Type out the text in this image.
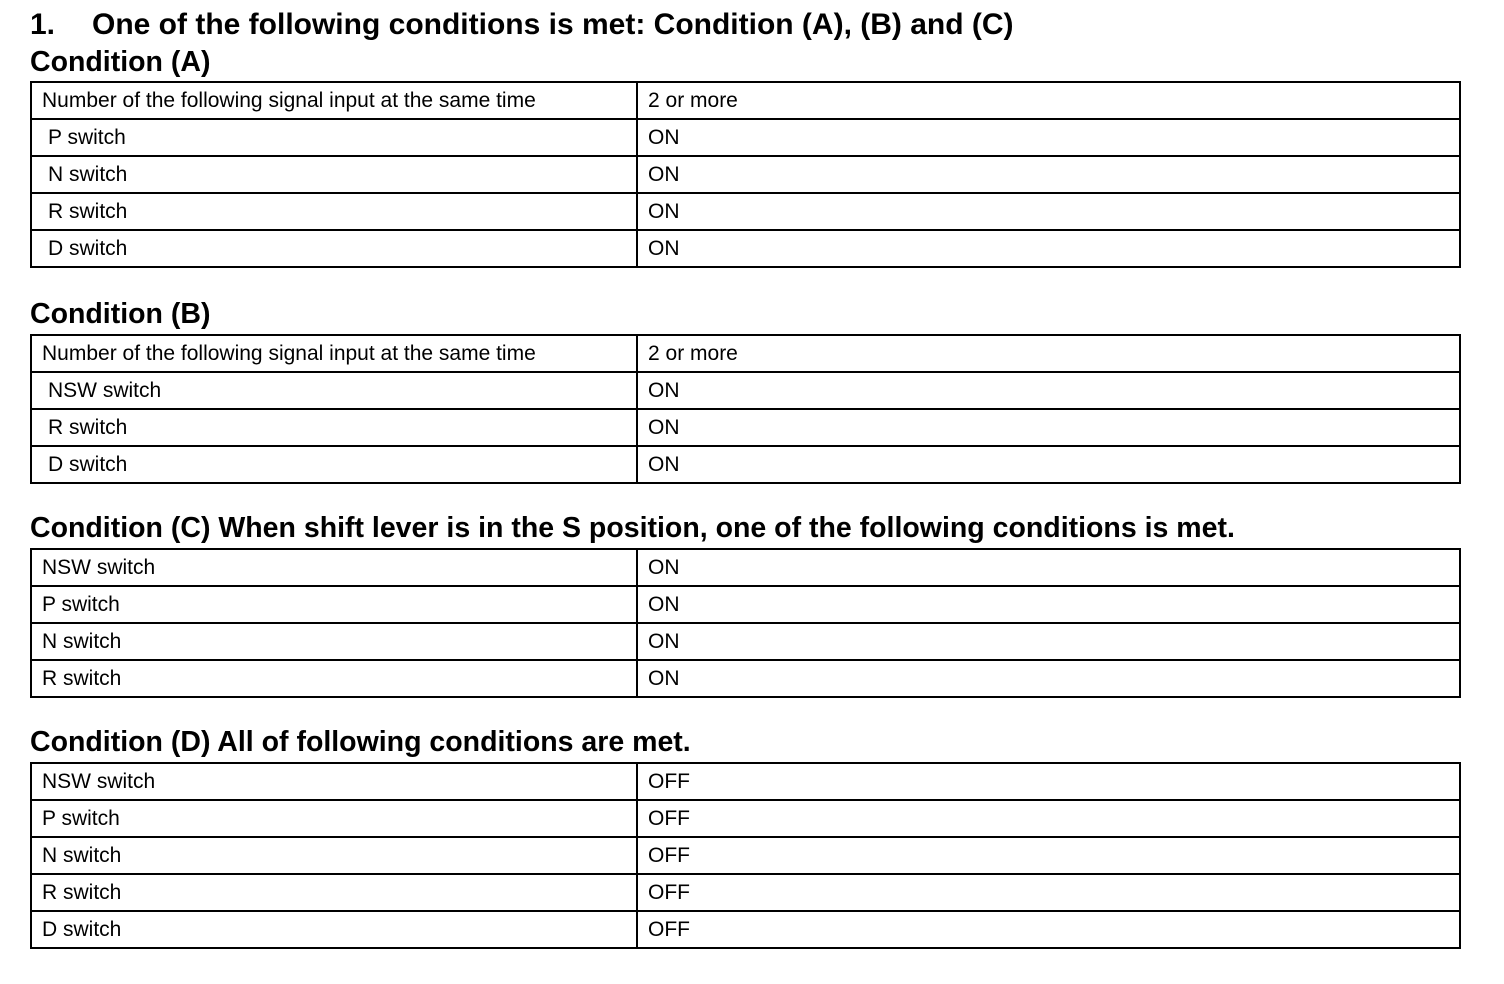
1.	One of the following conditions is met: Condition (A), (B) and (C)
Condition (A)
Number of the following signal input at the same time	2 or more
P switch	ON
N switch	ON
R switch	ON
D switch	ON
Condition (B)
Number of the following signal input at the same time	2 or more
NSW switch	ON
R switch	ON
D switch	ON
Condition (C) When shift lever is in the S position, one of the following conditions is met.
NSW switch	ON
P switch	ON
N switch	ON
R switch	ON
Condition (D) All of following conditions are met.
NSW switch	OFF
P switch	OFF
N switch	OFF
R switch	OFF
D switch	OFF
